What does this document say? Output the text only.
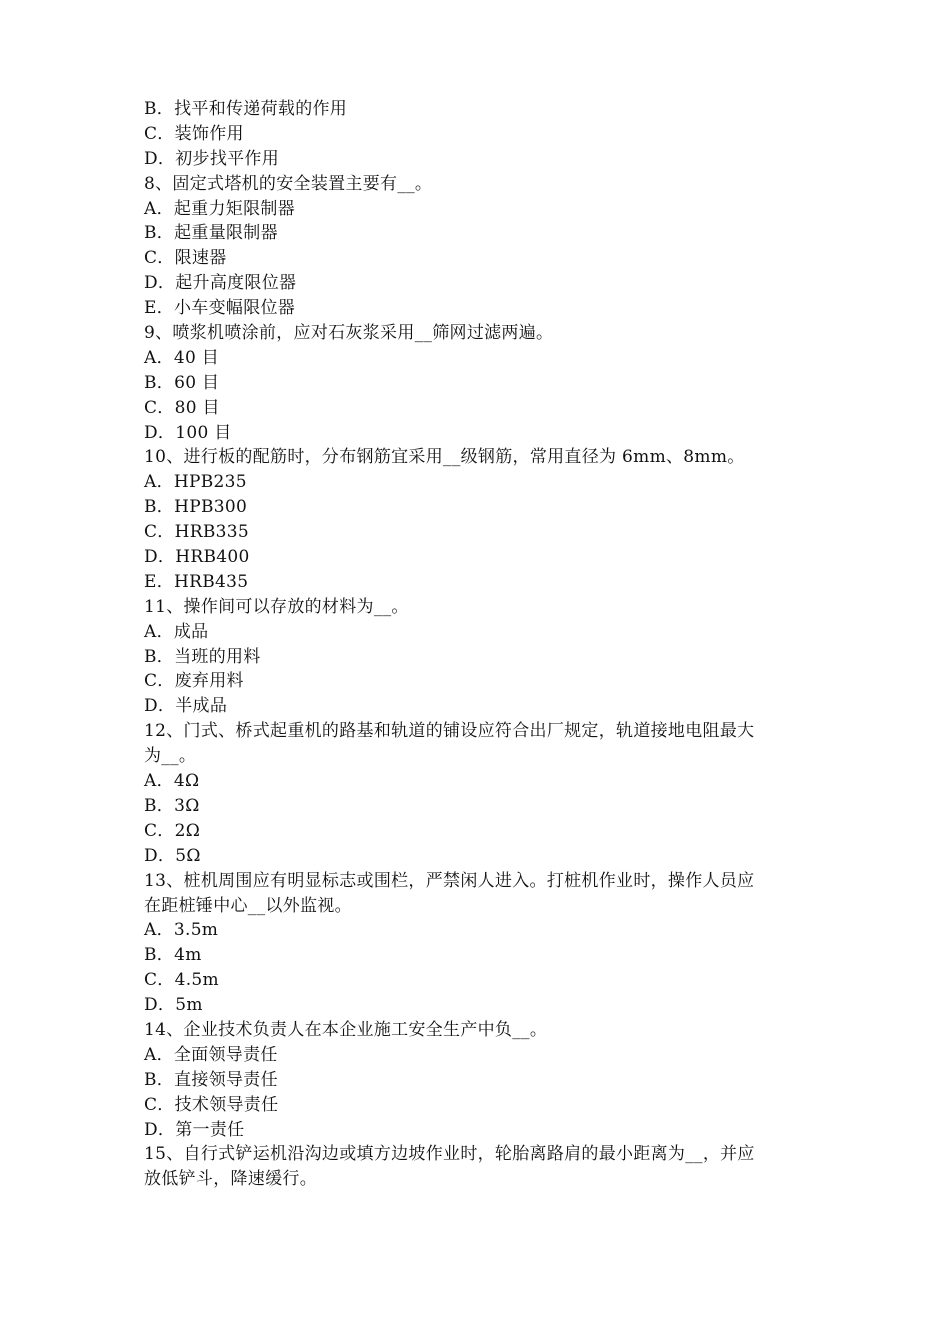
B．找平和传递荷载的作用
C．装饰作用
D．初步找平作用
8、固定式塔机的安全装置主要有__。
A．起重力矩限制器
B．起重量限制器
C．限速器
D．起升高度限位器
E．小车变幅限位器
9、喷浆机喷涂前，应对石灰浆采用__筛网过滤两遍。
A．40 目
B．60 目
C．80 目
D．100 目
10、进行板的配筋时，分布钢筋宜采用__级钢筋，常用直径为 6mm、8mm。
A．HPB235
B．HPB300
C．HRB335
D．HRB400
E．HRB435
11、操作间可以存放的材料为__。
A．成品
B．当班的用料
C．废弃用料
D．半成品
12、门式、桥式起重机的路基和轨道的铺设应符合出厂规定，轨道接地电阻最大
为__。
A．4Ω
B．3Ω
C．2Ω
D．5Ω
13、桩机周围应有明显标志或围栏，严禁闲人进入。打桩机作业时，操作人员应
在距桩锤中心__以外监视。
A．3.5m
B．4m
C．4.5m
D．5m
14、企业技术负责人在本企业施工安全生产中负__。
A．全面领导责任
B．直接领导责任
C．技术领导责任
D．第一责任
15、自行式铲运机沿沟边或填方边坡作业时，轮胎离路肩的最小距离为__，并应
放低铲斗，降速缓行。
